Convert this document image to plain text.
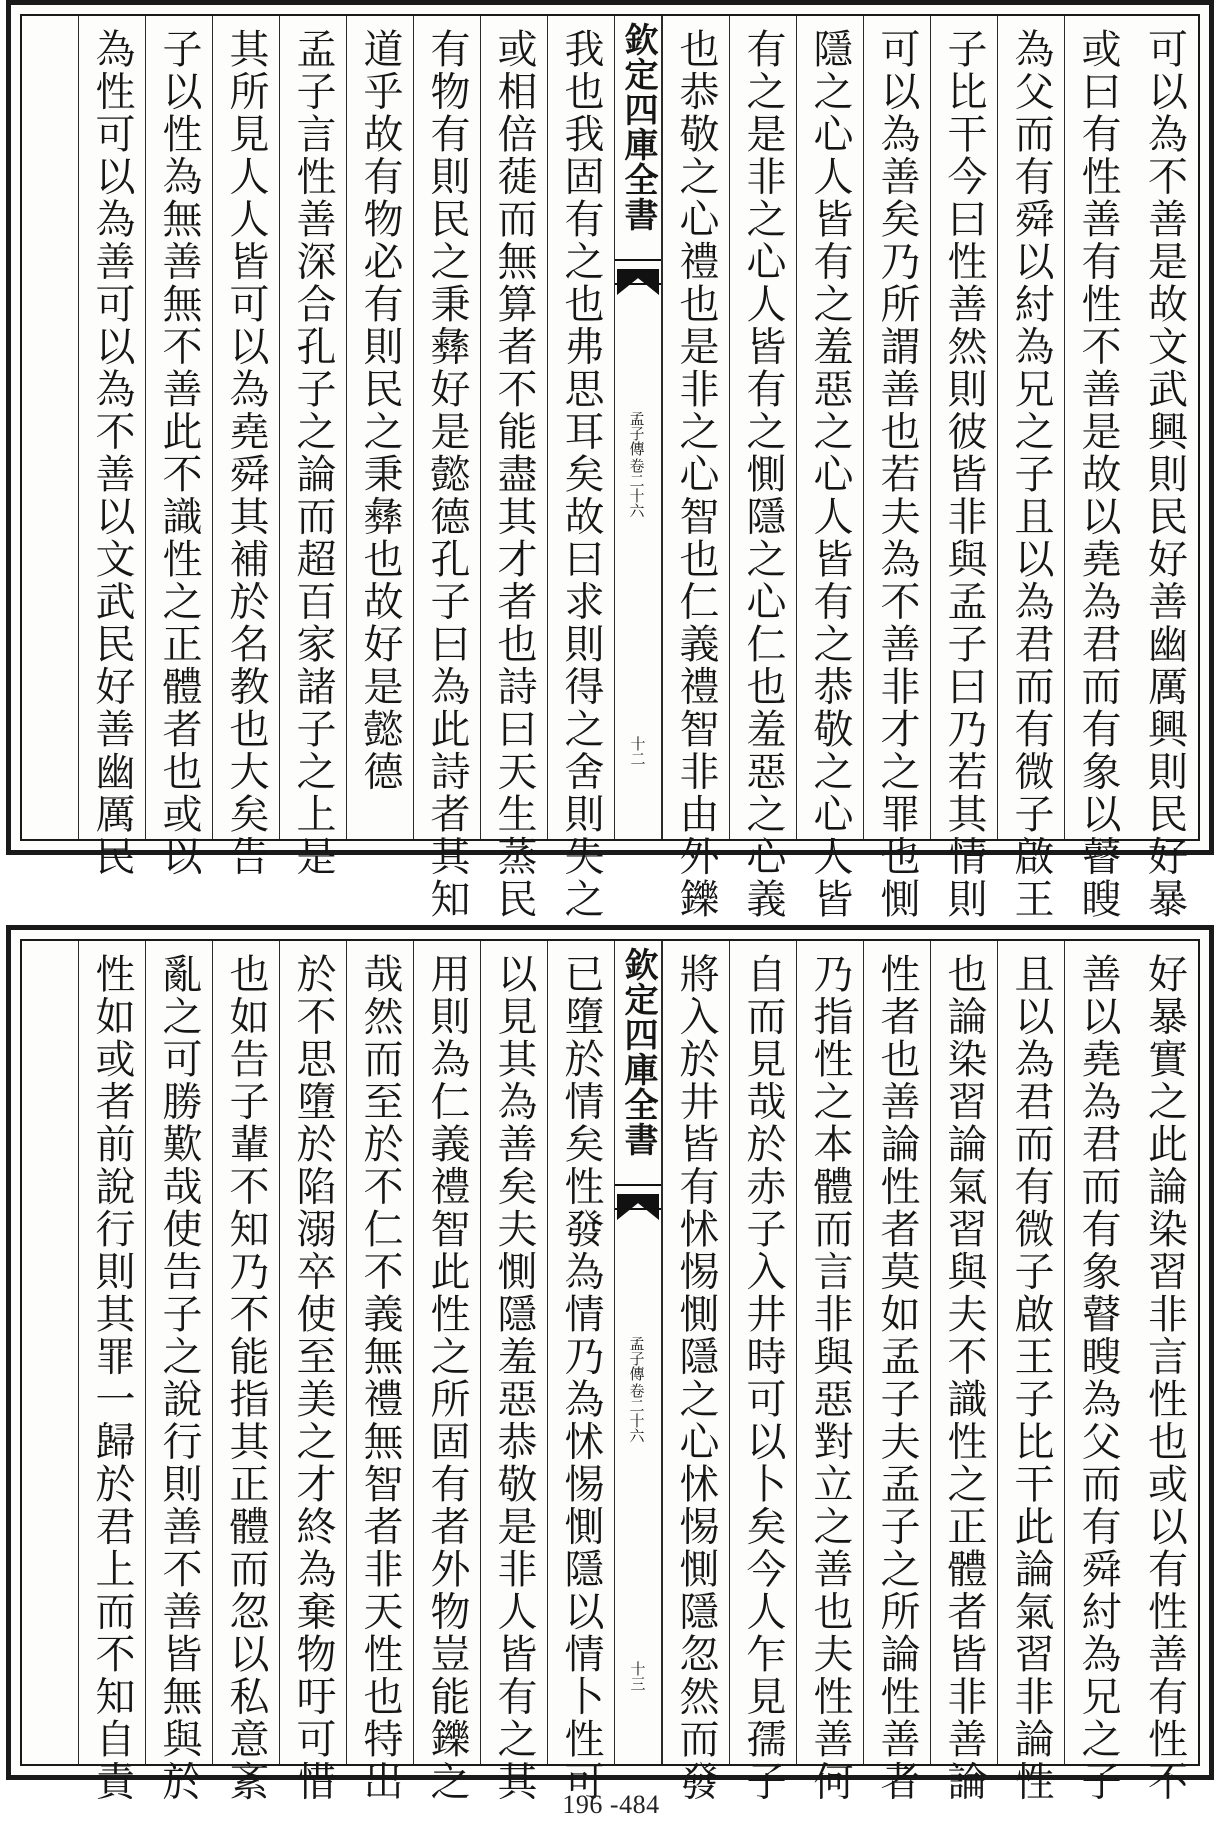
可以為不善是故文武興則民好善幽厲興則民好暴
或曰有性善有性不善是故以堯為君而有象以瞽瞍
為父而有舜以紂為兄之子且以為君而有微子啟王
子比干今曰性善然則彼皆非與孟子曰乃若其情則
可以為善矣乃所謂善也若夫為不善非才之罪也惻
隱之心人皆有之羞惡之心人皆有之恭敬之心人皆
有之是非之心人皆有之惻隱之心仁也羞惡之心義
也恭敬之心禮也是非之心智也仁義禮智非由外鑠
欽定四庫全書
孟子傳
卷二十六
十二
我也我固有之也弗思耳矣故曰求則得之舍則失之
或相倍蓰而無算者不能盡其才者也詩曰天生蒸民
有物有則民之秉彝好是懿德孔子曰為此詩者其知
道乎故有物必有則民之秉彝也故好是懿德
孟子言性善深合孔子之論而超百家諸子之上是
其所見人人皆可以為堯舜其補於名教也大矣告
子以性為無善無不善此不識性之正體者也或以
為性可以為善可以為不善以文武民好善幽厲民
好暴實之此論染習非言性也或以有性善有性不
善以堯為君而有象瞽瞍為父而有舜紂為兄之子
且以為君而有微子啟王子比干此論氣習非論性
也論染習論氣習與夫不識性之正體者皆非善論
性者也善論性者莫如孟子夫孟子之所論性善者
乃指性之本體而言非與惡對立之善也夫性善何
自而見哉於赤子入井時可以卜矣今人乍見孺子
將入於井皆有怵惕惻隱之心怵惕惻隱忽然而發
欽定四庫全書
孟子傳
卷二十六
十三
已墮於情矣性發為情乃為怵惕惻隱以情卜性可
以見其為善矣夫惻隱羞惡恭敬是非人皆有之其
用則為仁義禮智此性之所固有者外物豈能鑠之
哉然而至於不仁不義無禮無智者非天性也特出
於不思墮於陷溺卒使至美之才終為棄物吁可惜
也如告子輩不知乃不能指其正體而忽以私意紊
亂之可勝歎哉使告子之說行則善不善皆無與於
性如或者前說行則其罪一歸於君上而不知自責
196 -484
